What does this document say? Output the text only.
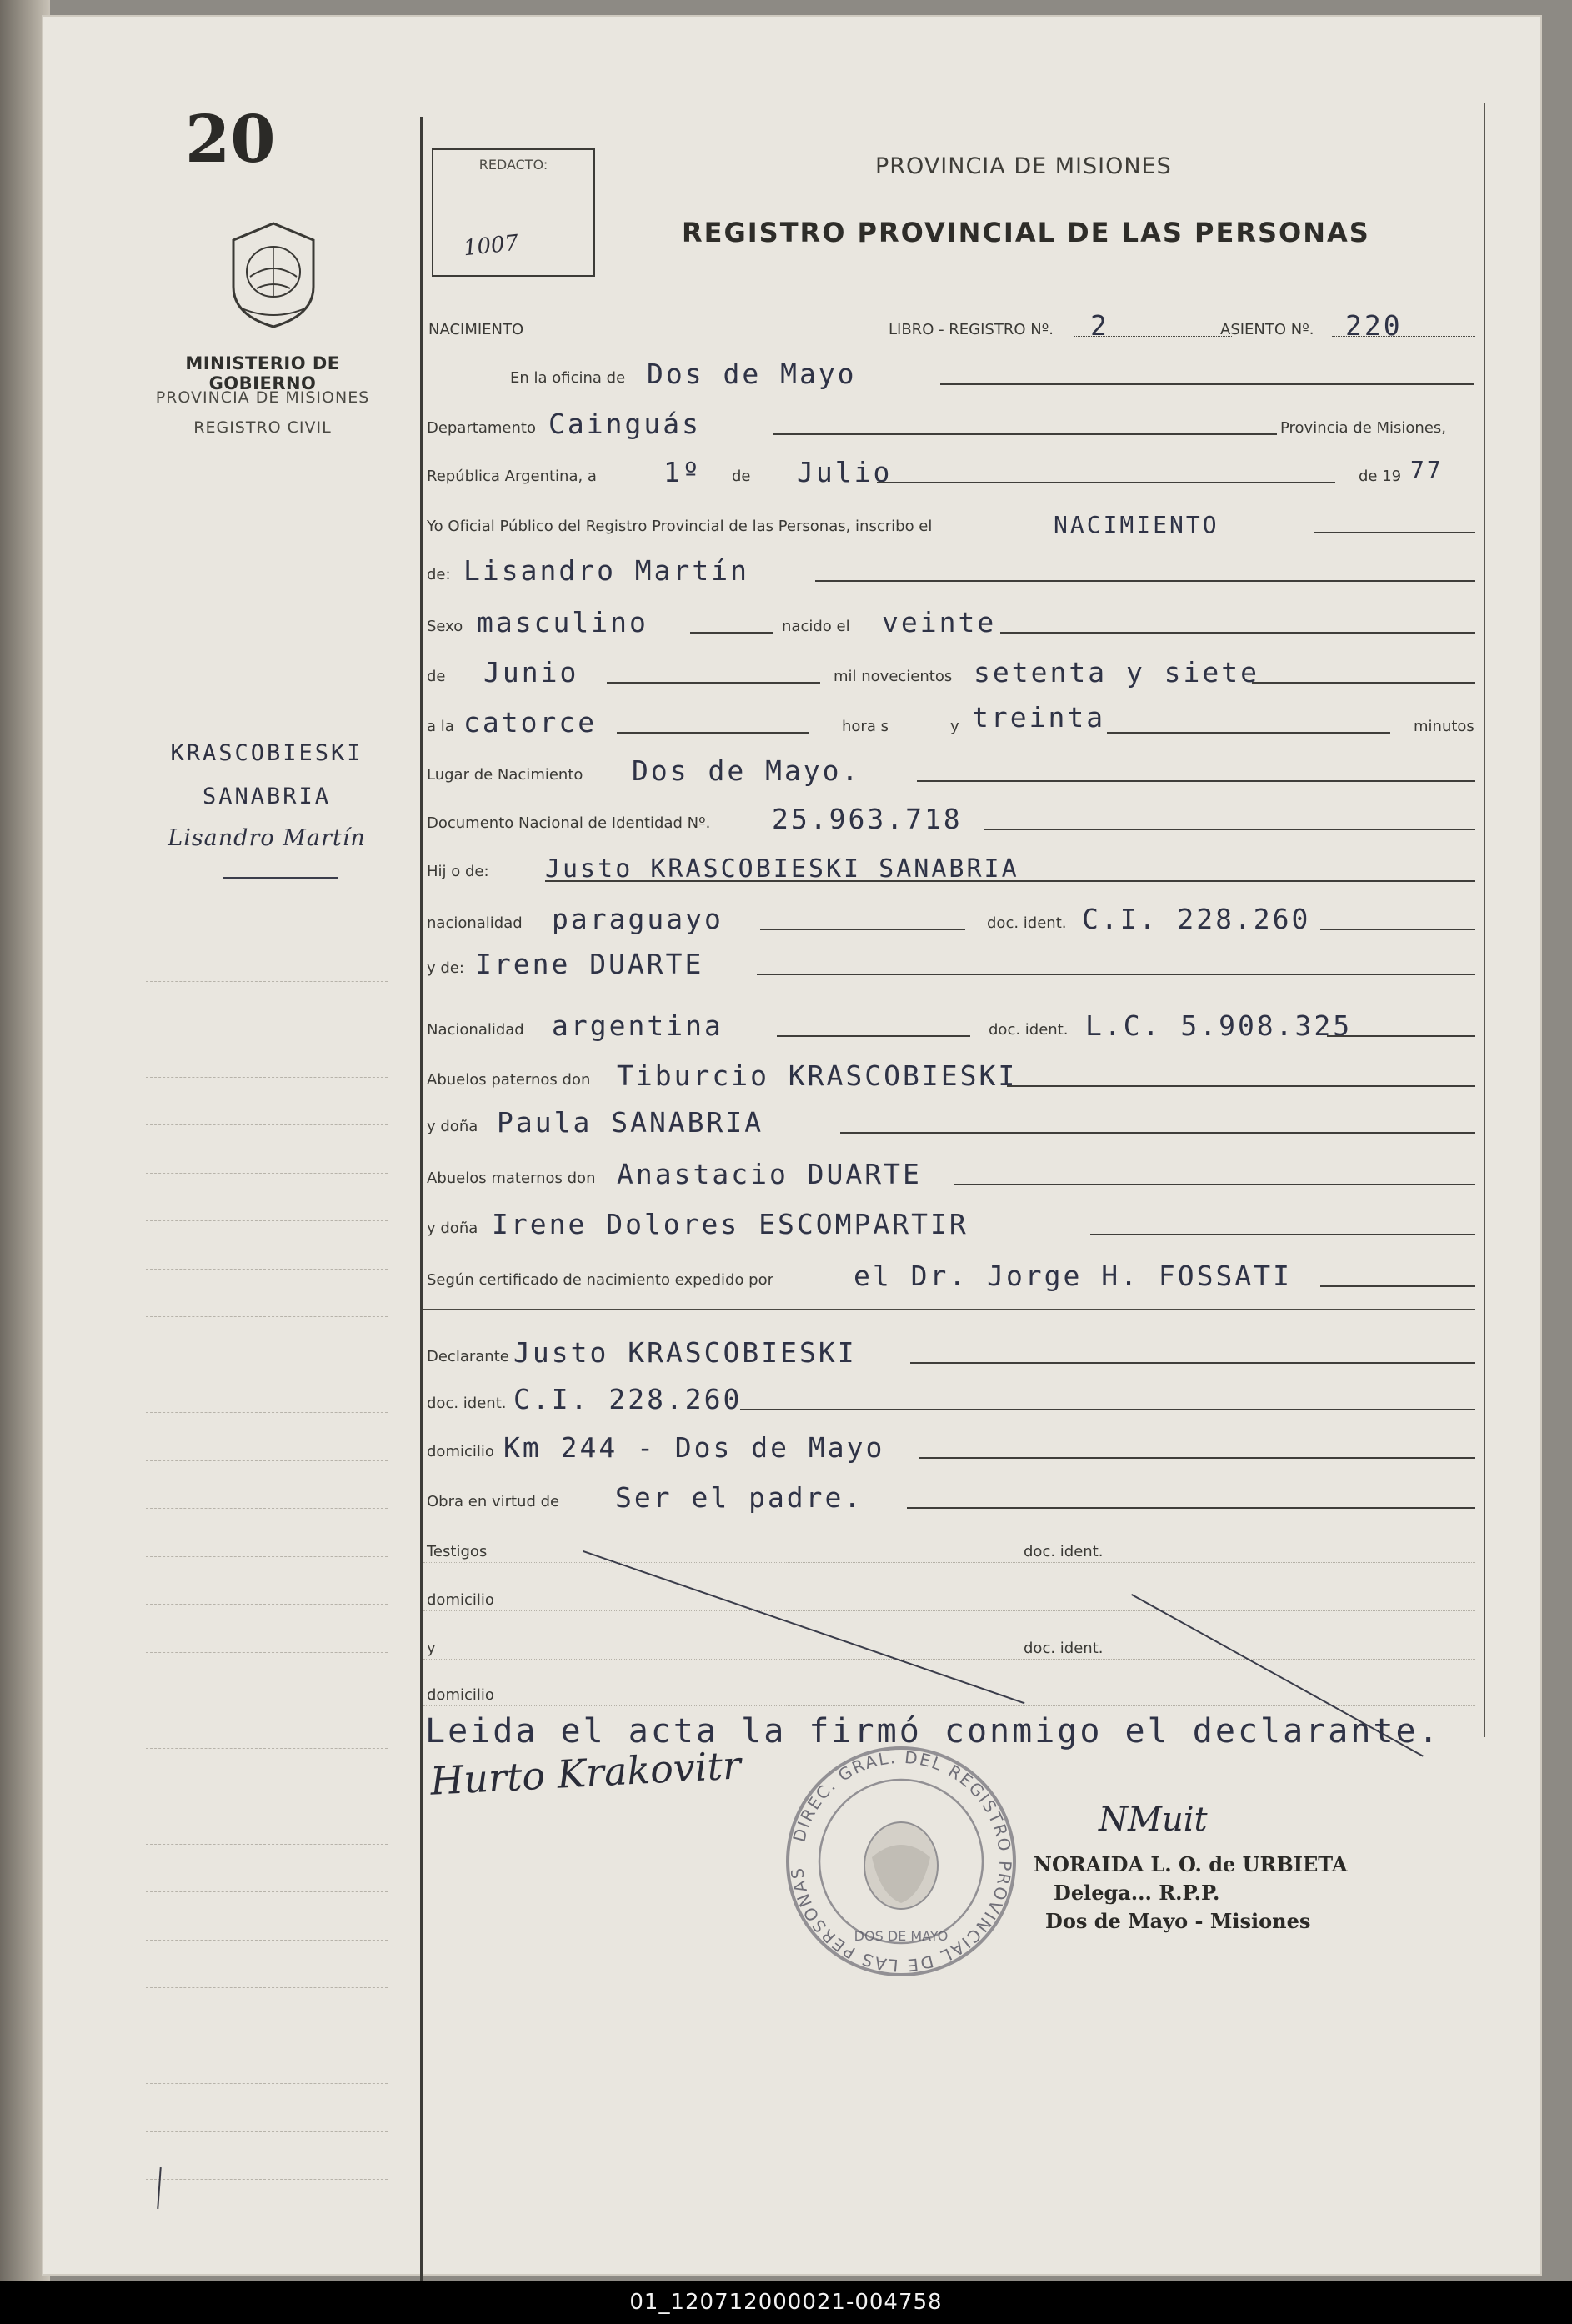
20
MINISTERIO DE GOBIERNO
PROVINCIA DE MISIONES
REGISTRO CIVIL
KRASCOBIESKI
SANABRIA
Lisandro Martín
REDACTO:
1007
PROVINCIA DE MISIONES
REGISTRO PROVINCIAL DE LAS PERSONAS
NACIMIENTO	LIBRO - REGISTRO Nº. 2	ASIENTO Nº. 220
En la oficina de Dos de Mayo
Departamento Cainguás	Provincia de Misiones,
República Argentina, a 1º de Julio	de 19 77
Yo Oficial Público del Registro Provincial de las Personas, inscribo el	NACIMIENTO
de: Lisandro Martín
Sexo masculino	nacido el veinte
de Junio	mil novecientos setenta y siete
a la catorce	hora s	y treinta	minutos
Lugar de Nacimiento Dos de Mayo.
Documento Nacional de Identidad Nº. 25.963.718
Hij o de: Justo KRASCOBIESKI SANABRIA
nacionalidad paraguayo	doc. ident. C.I. 228.260
y de: Irene DUARTE
Nacionalidad argentina	doc. ident. L.C. 5.908.325
Abuelos paternos don Tiburcio KRASCOBIESKI
y doña Paula SANABRIA
Abuelos maternos don Anastacio DUARTE
y doña Irene Dolores ESCOMPARTIR
Según certificado de nacimiento expedido por	el Dr. Jorge H. FOSSATI
Declarante Justo KRASCOBIESKI
doc. ident. C.I. 228.260
domicilio Km 244 - Dos de Mayo
Obra en virtud de Ser el padre.
Testigos	doc. ident.
domicilio
y	doc. ident.
domicilio
Leida el acta la firmó conmigo el declarante.
Hurto Krakovitr
DIREC. GRAL. DEL REGISTRO PROVINCIAL DE LAS PERSONAS
DOS DE MAYO
NMuit
NORAIDA L. O. de URBIETA
Delega... R.P.P.
Dos de Mayo - Misiones
01_120712000021-004758
